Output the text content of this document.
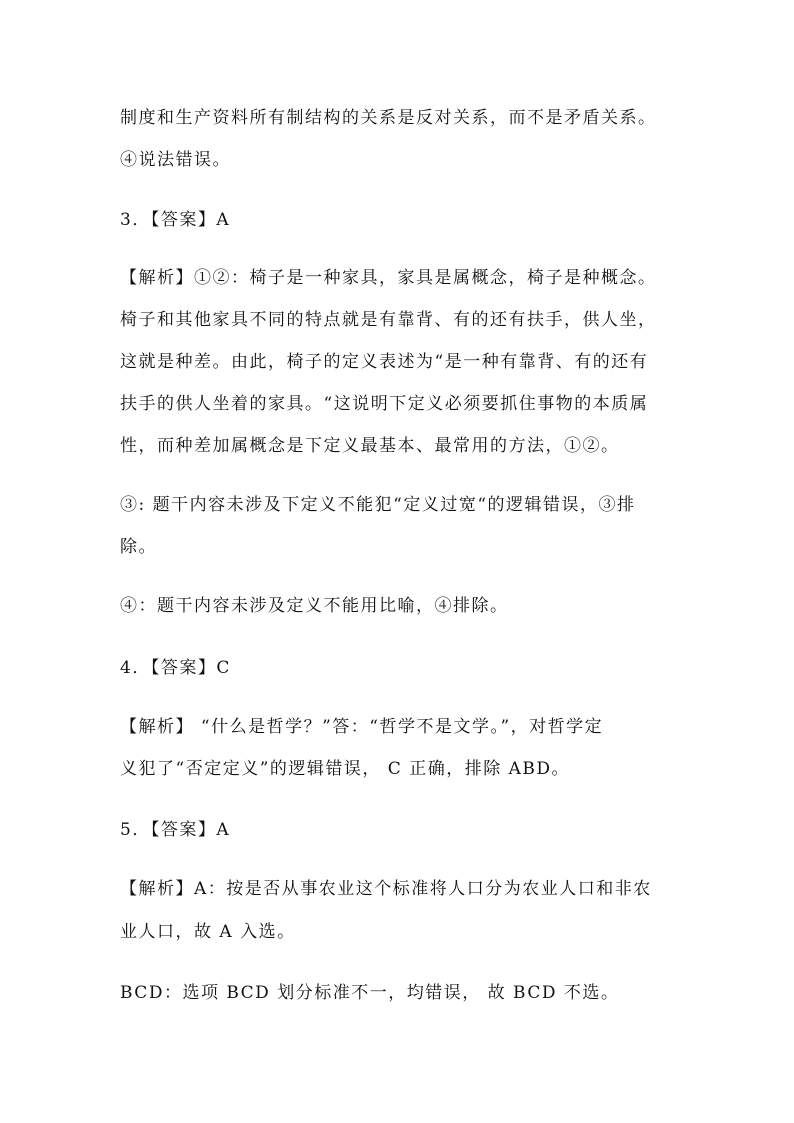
制度和生产资料所有制结构的关系是反对关系，而不是矛盾关系。
④说法错误。
3．【答案】A
【解析】①②：椅子是一种家具，家具是属概念，椅子是种概念。
椅子和其他家具不同的特点就是有靠背、有的还有扶手，供人坐，
这就是种差。由此，椅子的定义表述为“是一种有靠背、有的还有
扶手的供人坐着的家具。“这说明下定义必须要抓住事物的本质属
性，而种差加属概念是下定义最基本、最常用的方法，①②。
③: 题干内容未涉及下定义不能犯“定义过宽“的逻辑错误，③排
除。
④：题干内容未涉及定义不能用比喻，④排除。
4．【答案】C
【解析】 “什么是哲学？”答：“哲学不是文学。”，对哲学定
义犯了“否定定义”的逻辑错误， C 正确，排除 ABD。
5．【答案】A
【解析】A：按是否从事农业这个标准将人口分为农业人口和非农
业人口，故 A 入选。
BCD：选项 BCD 划分标准不一，均错误， 故 BCD 不选。
